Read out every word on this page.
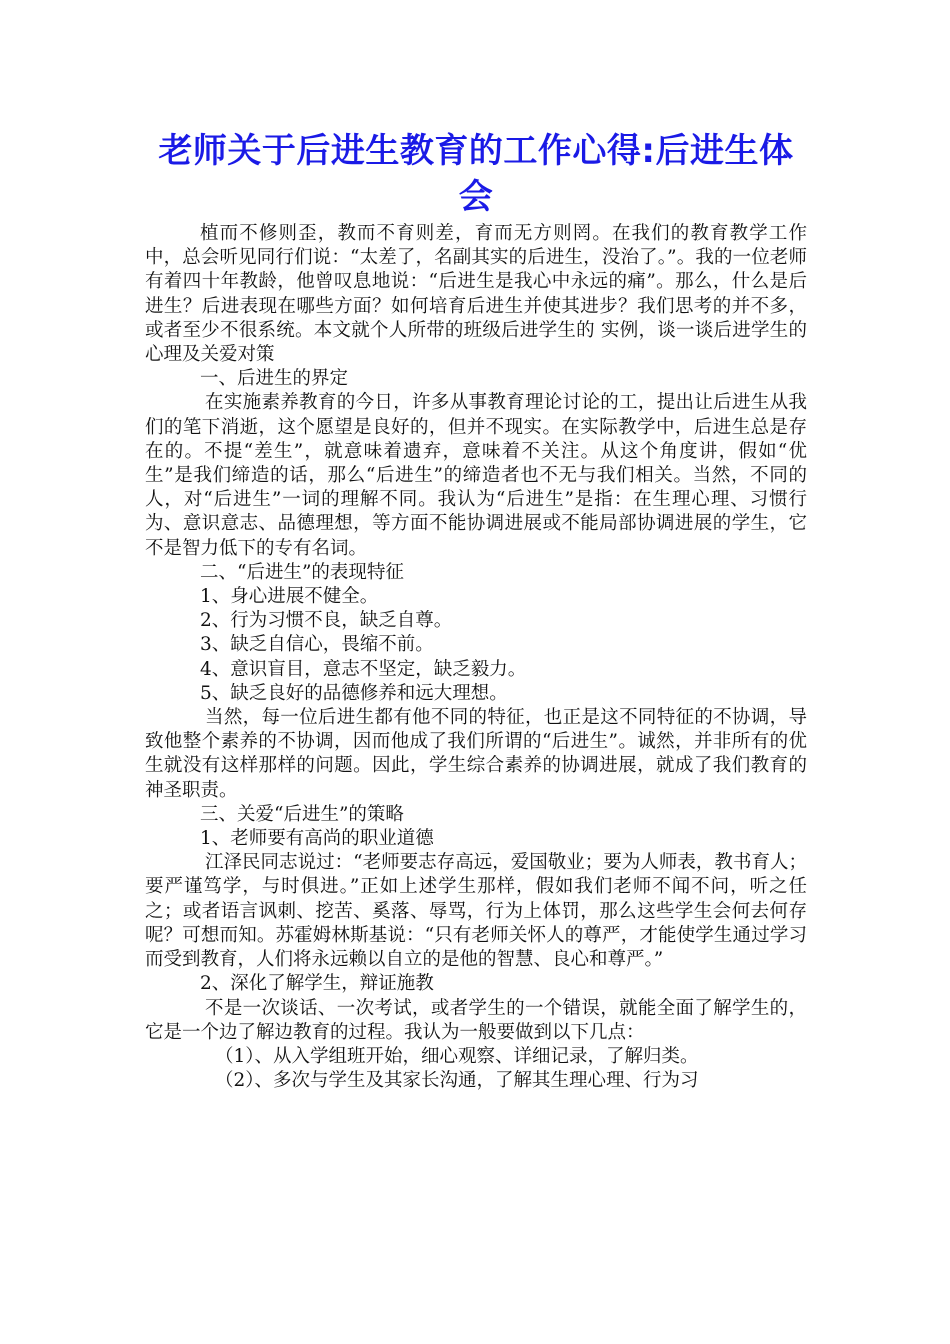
老师关于后进生教育的工作心得:后进生体会

植而不修则歪，教而不育则差，育而无方则罔。在我们的教育教学工作中，总会听见同行们说：“太差了，名副其实的后进生，没治了。”。我的一位老师有着四十年教龄，他曾叹息地说：“后进生是我心中永远的痛”。那么，什么是后进生？后进表现在哪些方面？如何培育后进生并使其进步？我们思考的并不多，或者至少不很系统。本文就个人所带的班级后进学生的 实例，谈一谈后进学生的心理及关爱对策

一、后进生的界定

在实施素养教育的今日，许多从事教育理论讨论的工，提出让后进生从我们的笔下消逝，这个愿望是良好的，但并不现实。在实际教学中，后进生总是存在的。不提“差生”，就意味着遗弃，意味着不关注。从这个角度讲，假如“优生”是我们缔造的话，那么“后进生”的缔造者也不无与我们相关。当然，不同的人，对“后进生”一词的理解不同。我认为“后进生”是指：在生理心理、习惯行为、意识意志、品德理想，等方面不能协调进展或不能局部协调进展的学生，它不是智力低下的专有名词。

二、“后进生”的表现特征

1、身心进展不健全。

2、行为习惯不良，缺乏自尊。

3、缺乏自信心，畏缩不前。

4、意识盲目，意志不坚定，缺乏毅力。

5、缺乏良好的品德修养和远大理想。

当然，每一位后进生都有他不同的特征，也正是这不同特征的不协调，导致他整个素养的不协调，因而他成了我们所谓的“后进生”。诚然，并非所有的优生就没有这样那样的问题。因此，学生综合素养的协调进展，就成了我们教育的神圣职责。

三、关爱“后进生”的策略

1、老师要有高尚的职业道德

江泽民同志说过：“老师要志存高远，爱国敬业；要为人师表，教书育人；要严谨笃学，与时俱进。”正如上述学生那样，假如我们老师不闻不问，听之任之；或者语言讽刺、挖苦、奚落、辱骂，行为上体罚，那么这些学生会何去何存呢？可想而知。苏霍姆林斯基说：“只有老师关怀人的尊严，才能使学生通过学习而受到教育，人们将永远赖以自立的是他的智慧、良心和尊严。”

2、深化了解学生，辩证施教

不是一次谈话、一次考试，或者学生的一个错误，就能全面了解学生的，它是一个边了解边教育的过程。我认为一般要做到以下几点：

（1）、从入学组班开始，细心观察、详细记录，了解归类。

（2）、多次与学生及其家长沟通，了解其生理心理、行为习
